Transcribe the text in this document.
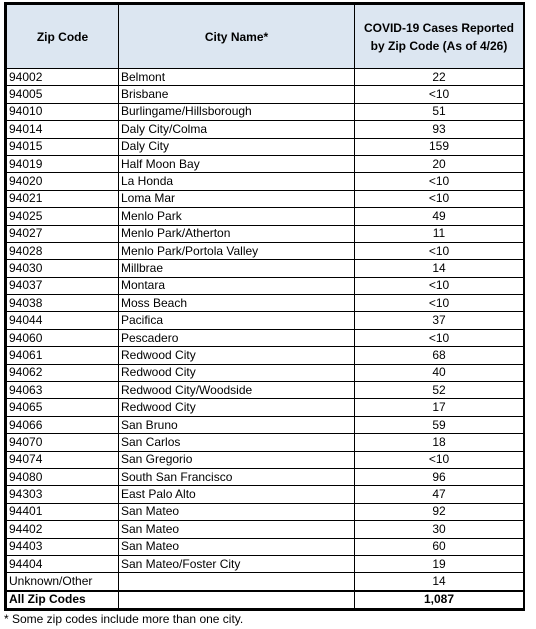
Zip Code	City Name*	COVID-19 Cases Reported by Zip Code (As of 4/26)
94002	Belmont	22
94005	Brisbane	<10
94010	Burlingame/Hillsborough	51
94014	Daly City/Colma	93
94015	Daly City	159
94019	Half Moon Bay	20
94020	La Honda	<10
94021	Loma Mar	<10
94025	Menlo Park	49
94027	Menlo Park/Atherton	11
94028	Menlo Park/Portola Valley	<10
94030	Millbrae	14
94037	Montara	<10
94038	Moss Beach	<10
94044	Pacifica	37
94060	Pescadero	<10
94061	Redwood City	68
94062	Redwood City	40
94063	Redwood City/Woodside	52
94065	Redwood City	17
94066	San Bruno	59
94070	San Carlos	18
94074	San Gregorio	<10
94080	South San Francisco	96
94303	East Palo Alto	47
94401	San Mateo	92
94402	San Mateo	30
94403	San Mateo	60
94404	San Mateo/Foster City	19
Unknown/Other		14
All Zip Codes		1,087
* Some zip codes include more than one city.
